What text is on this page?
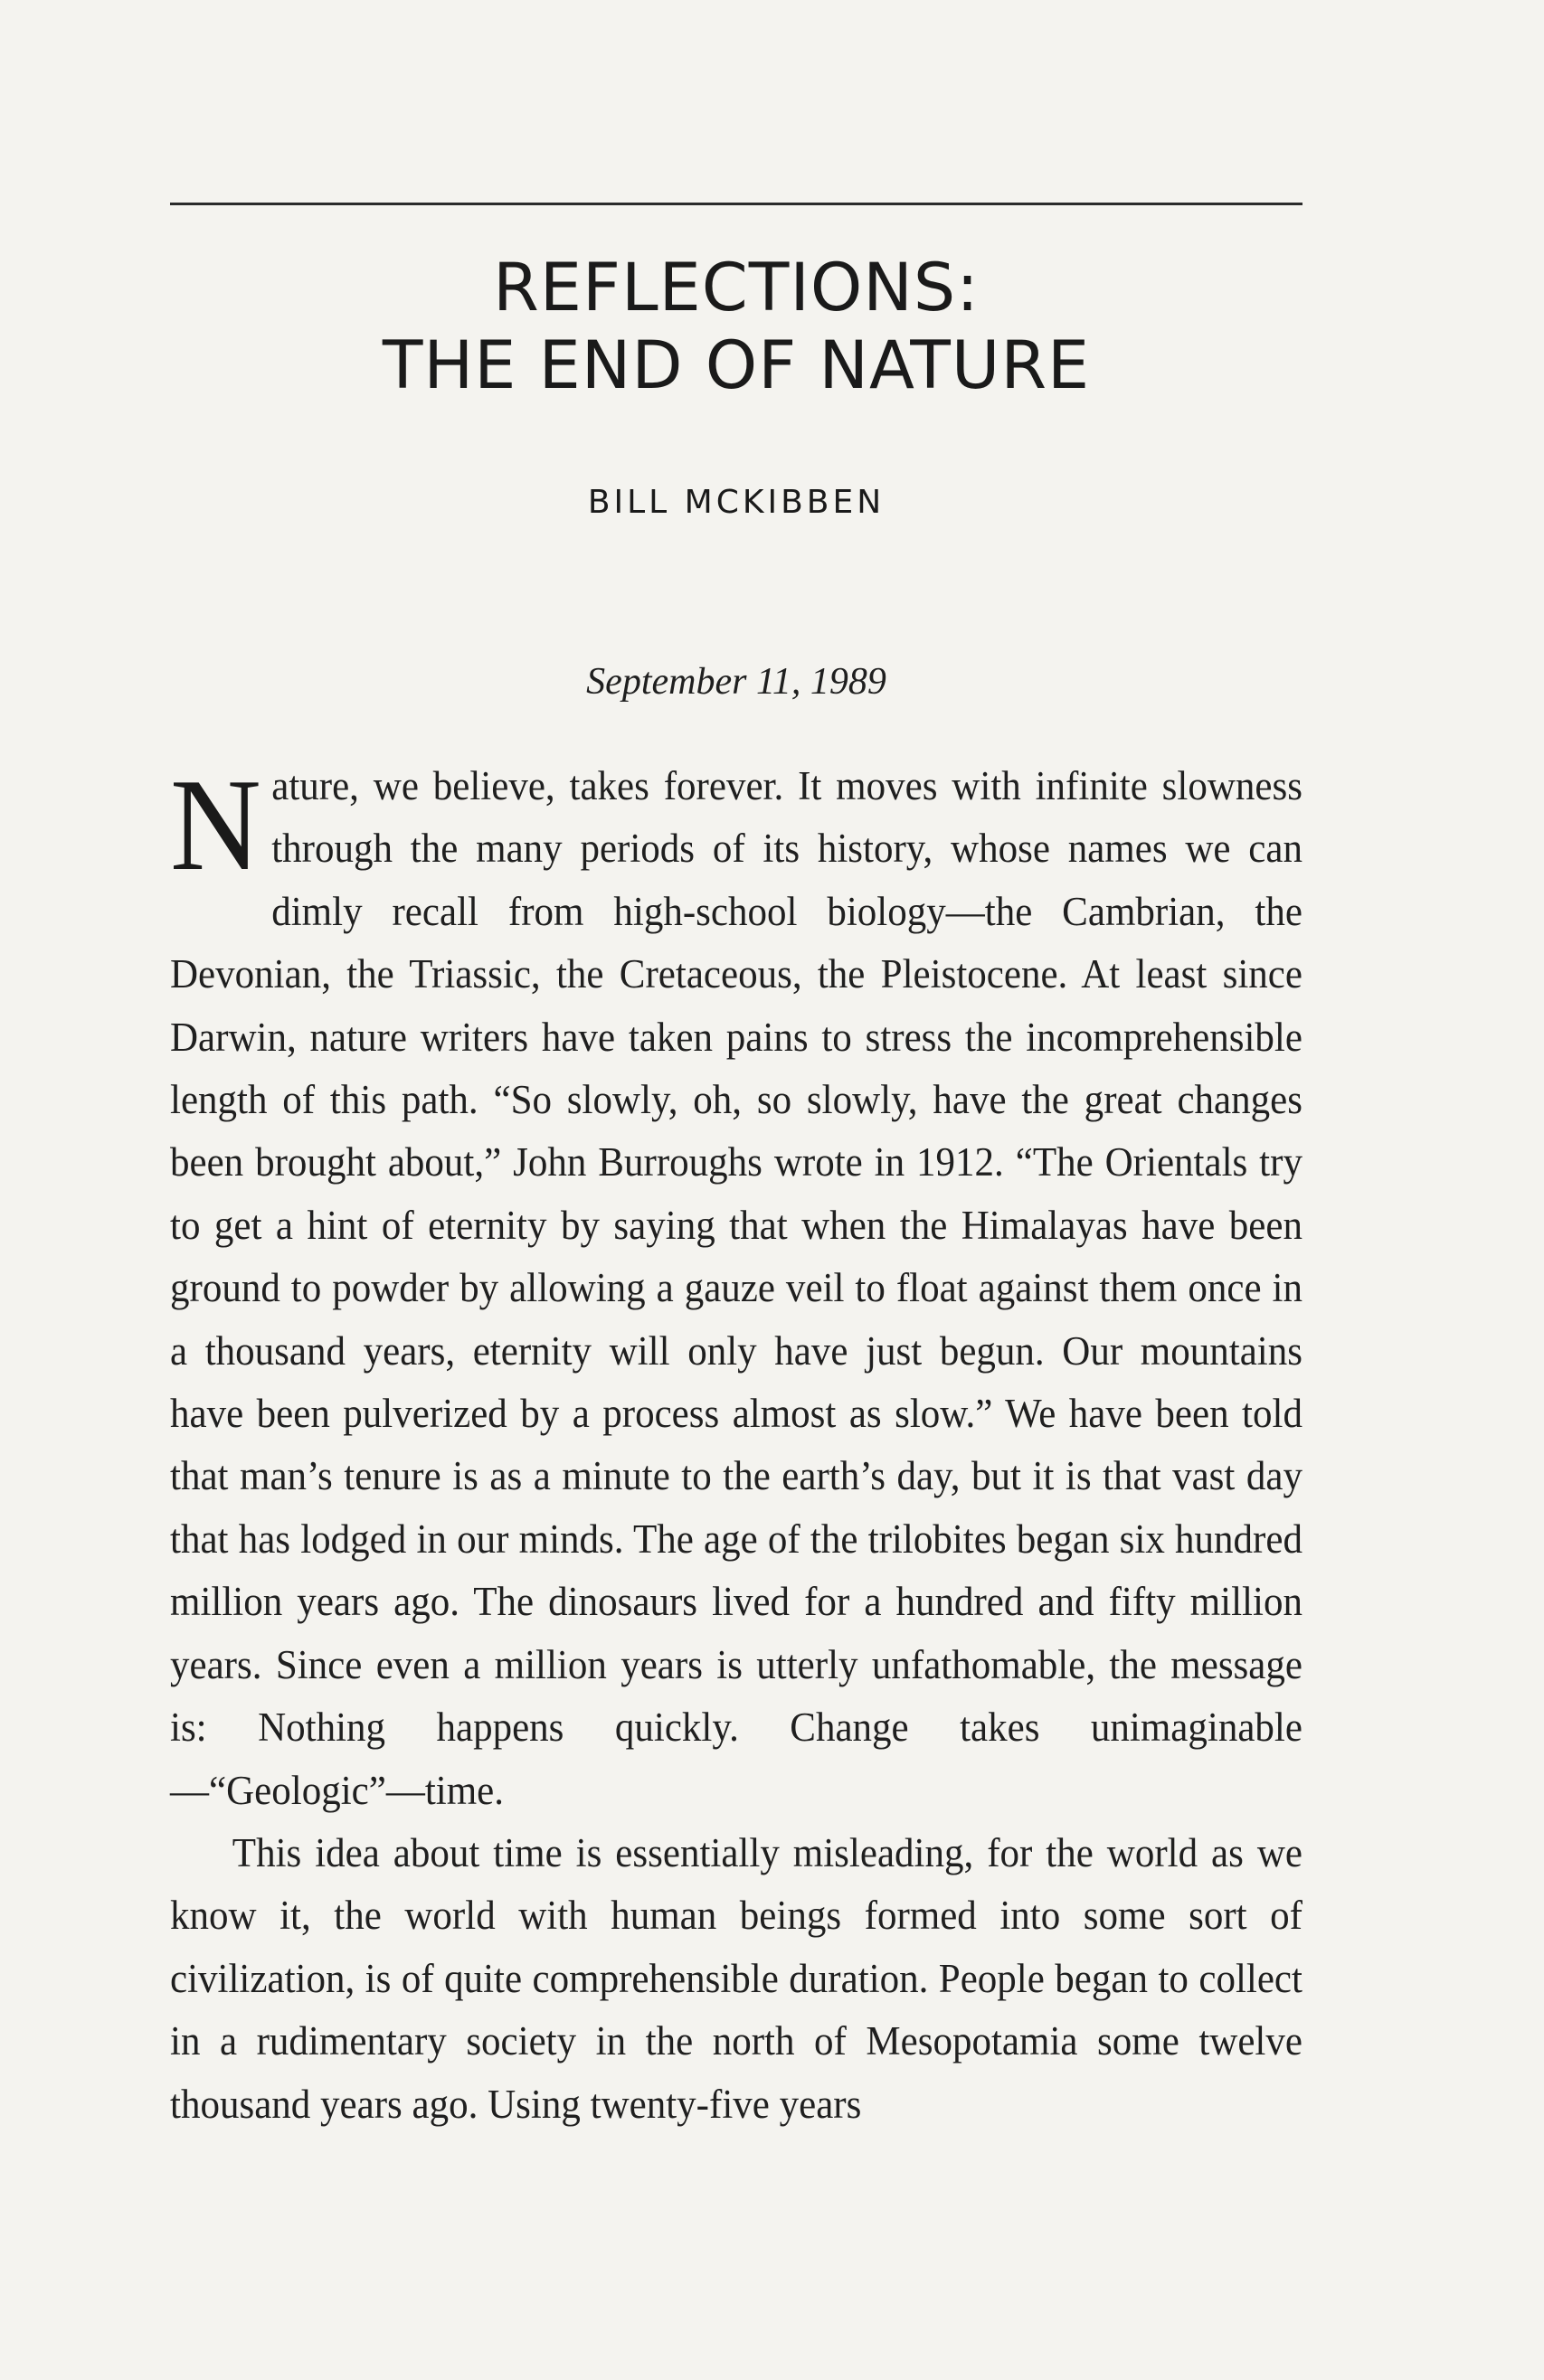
REFLECTIONS:
THE END OF NATURE
BILL MCKIBBEN
September 11, 1989

Nature, we believe, takes forever. It moves with infinite slowness through the many periods of its history, whose names we can dimly recall from high-school biology—the Cambrian, the Devonian, the Triassic, the Cretaceous, the Pleistocene. At least since Darwin, nature writers have taken pains to stress the incomprehensible length of this path. “So slowly, oh, so slowly, have the great changes been brought about,” John Burroughs wrote in 1912. “The Orientals try to get a hint of eternity by saying that when the Himalayas have been ground to powder by allowing a gauze veil to float against them once in a thousand years, eternity will only have just begun. Our mountains have been pulverized by a process almost as slow.” We have been told that man’s tenure is as a minute to the earth’s day, but it is that vast day that has lodged in our minds. The age of the trilobites began six hundred million years ago. The dinosaurs lived for a hundred and fifty million years. Since even a million years is utterly unfathomable, the message is: Nothing happens quickly. Change takes unimaginable—“Geologic”—time.

This idea about time is essentially misleading, for the world as we know it, the world with human beings formed into some sort of civilization, is of quite comprehensible duration. People began to collect in a rudimentary society in the north of Mesopotamia some twelve thousand years ago. Using twenty-five years
